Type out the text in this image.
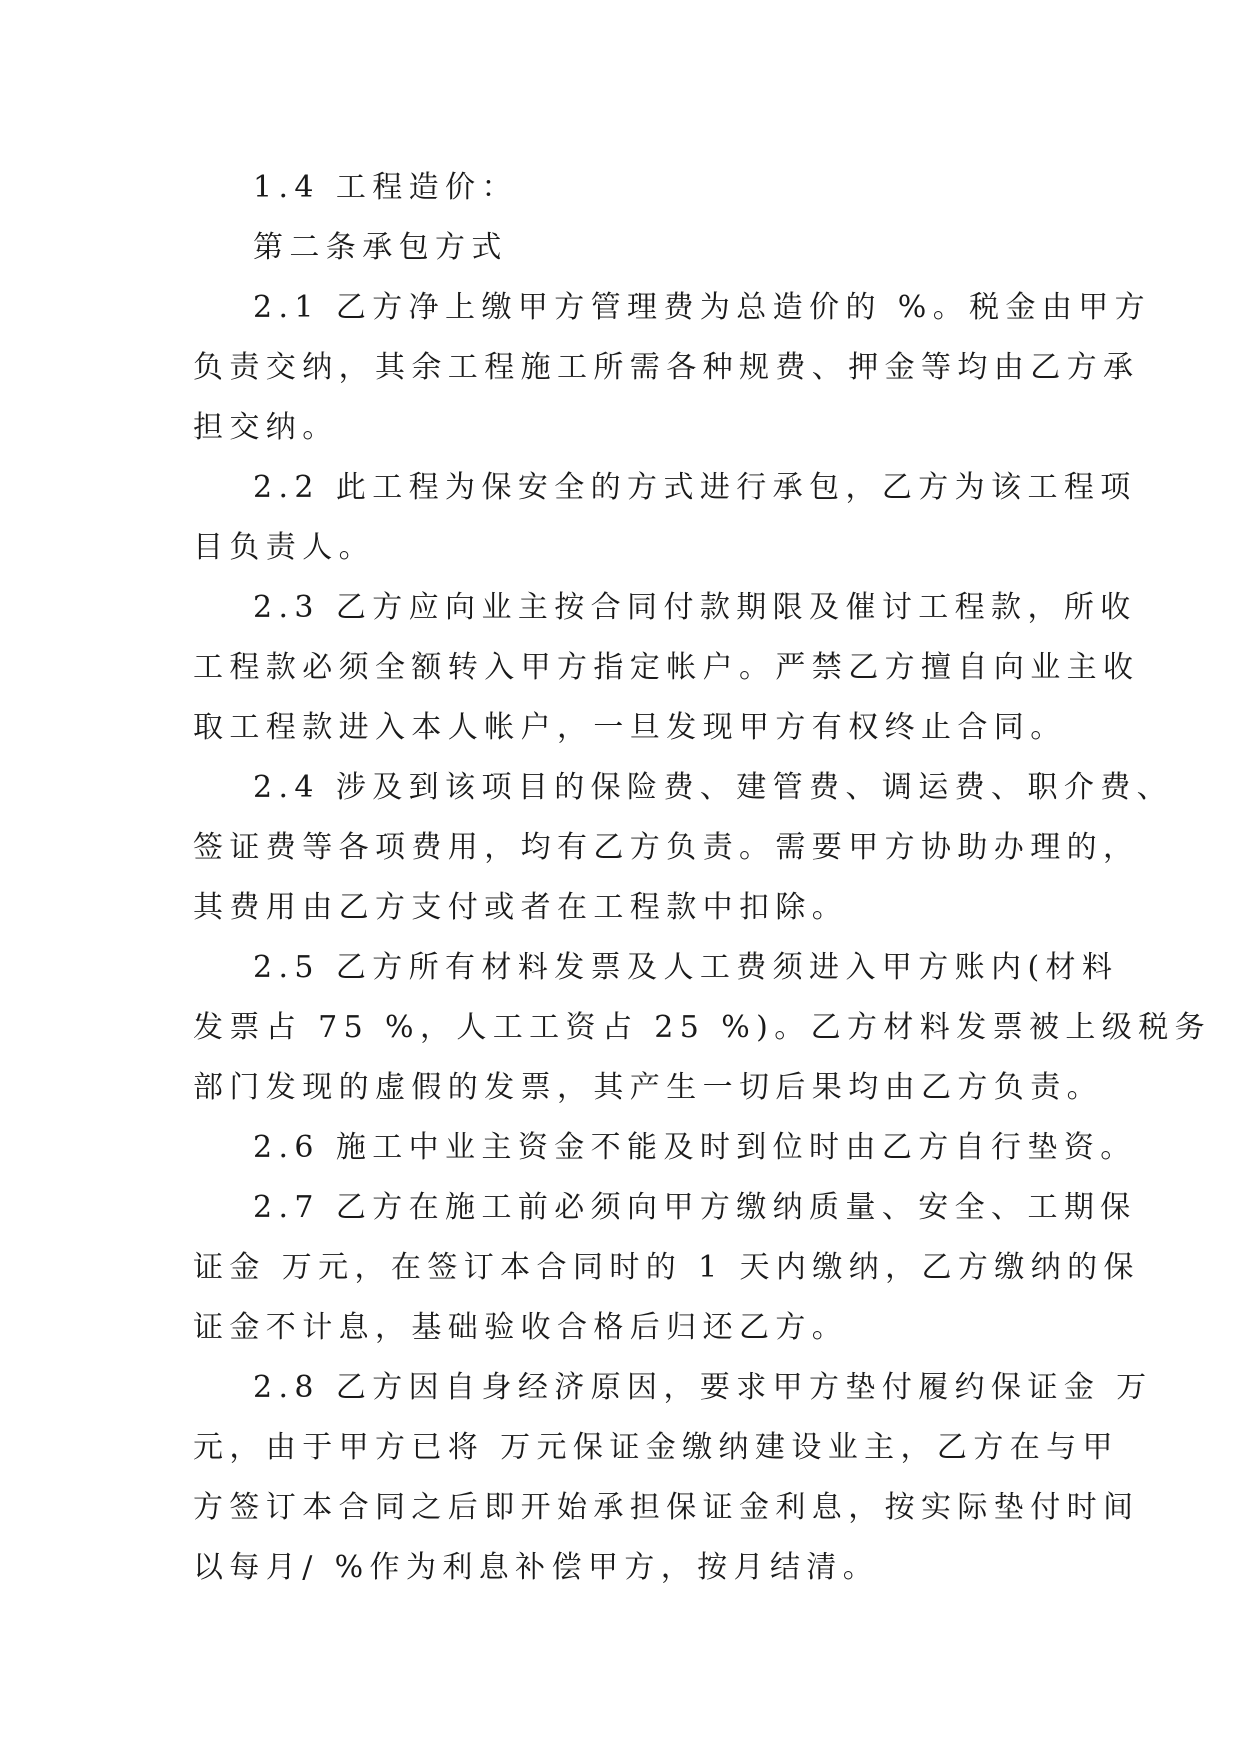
1.4 工程造价：

第二条承包方式

2.1 乙方净上缴甲方管理费为总造价的 %。税金由甲方
负责交纳，其余工程施工所需各种规费、押金等均由乙方承
担交纳。

2.2 此工程为保安全的方式进行承包，乙方为该工程项
目负责人。

2.3 乙方应向业主按合同付款期限及催讨工程款，所收
工程款必须全额转入甲方指定帐户。严禁乙方擅自向业主收
取工程款进入本人帐户，一旦发现甲方有权终止合同。

2.4 涉及到该项目的保险费、建管费、调运费、职介费、
签证费等各项费用，均有乙方负责。需要甲方协助办理的，
其费用由乙方支付或者在工程款中扣除。

2.5 乙方所有材料发票及人工费须进入甲方账内(材料
发票占 75 %，人工工资占 25 %)。乙方材料发票被上级税务
部门发现的虚假的发票，其产生一切后果均由乙方负责。

2.6 施工中业主资金不能及时到位时由乙方自行垫资。

2.7 乙方在施工前必须向甲方缴纳质量、安全、工期保
证金 万元，在签订本合同时的 1 天内缴纳，乙方缴纳的保
证金不计息，基础验收合格后归还乙方。

2.8 乙方因自身经济原因，要求甲方垫付履约保证金 万
元，由于甲方已将 万元保证金缴纳建设业主，乙方在与甲
方签订本合同之后即开始承担保证金利息，按实际垫付时间
以每月/ %作为利息补偿甲方，按月结清。
